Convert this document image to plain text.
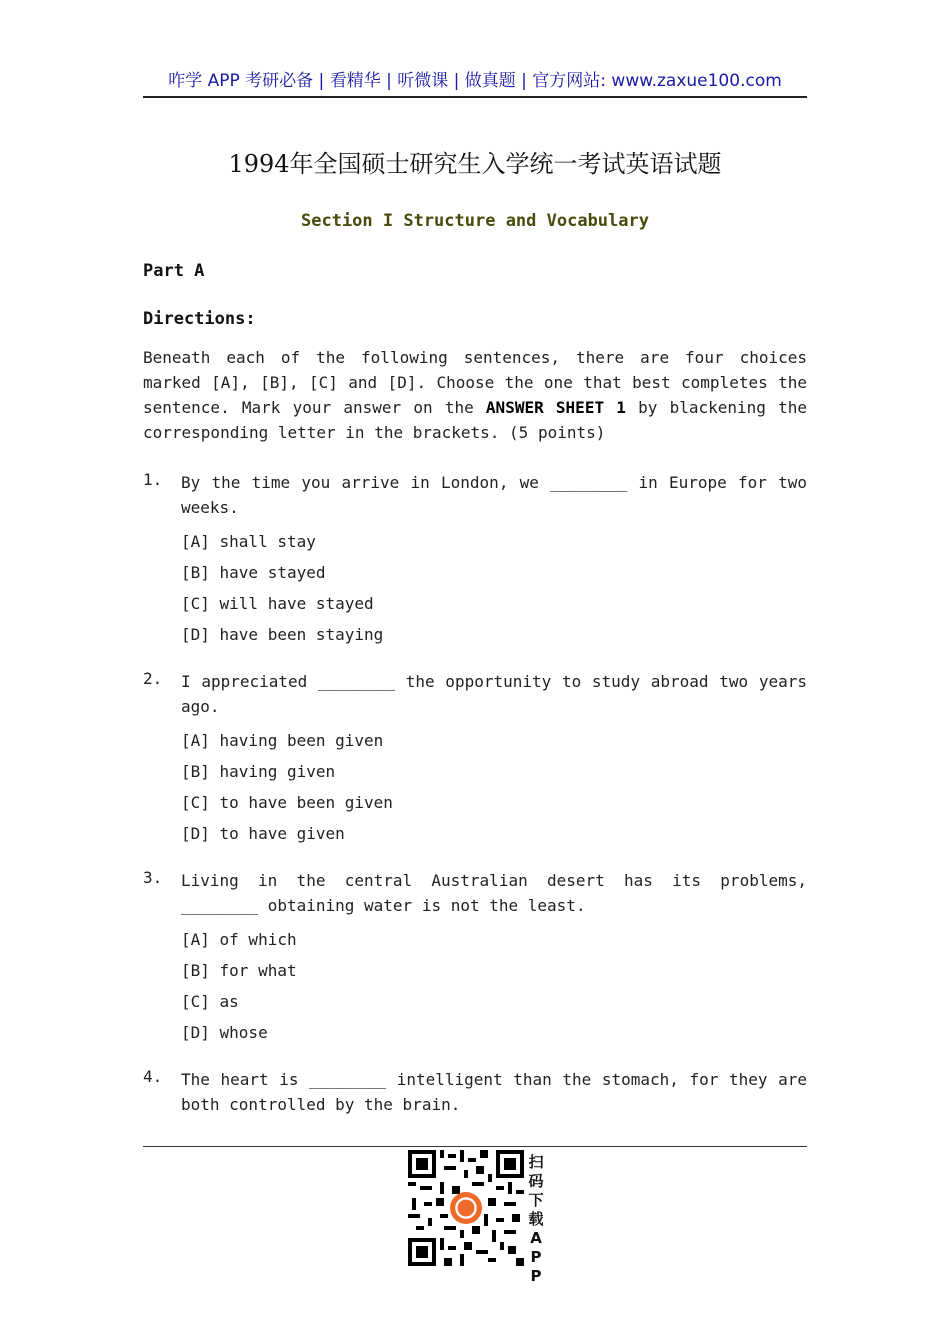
咋学 APP 考研必备 | 看精华 | 听微课 | 做真题 | 官方网站: www.zaxue100.com
1994年全国硕士研究生入学统一考试英语试题
Section I Structure and Vocabulary
Part A
Directions:
Beneath each of the following sentences, there are four choices marked [A], [B], [C] and [D]. Choose the one that best completes the sentence. Mark your answer on the ANSWER SHEET 1 by blackening the corresponding letter in the brackets. (5 points)
1.	By the time you arrive in London, we ________ in Europe for two weeks.
[A] shall stay
[B] have stayed
[C] will have stayed
[D] have been staying
2.	I appreciated ________ the opportunity to study abroad two years ago.
[A] having been given
[B] having given
[C] to have been given
[D] to have given
3.	Living in the central Australian desert has its problems, ________ obtaining water is not the least.
[A] of which
[B] for what
[C] as
[D] whose
4.	The heart is ________ intelligent than the stomach, for they are both controlled by the brain.
扫码下载APP
